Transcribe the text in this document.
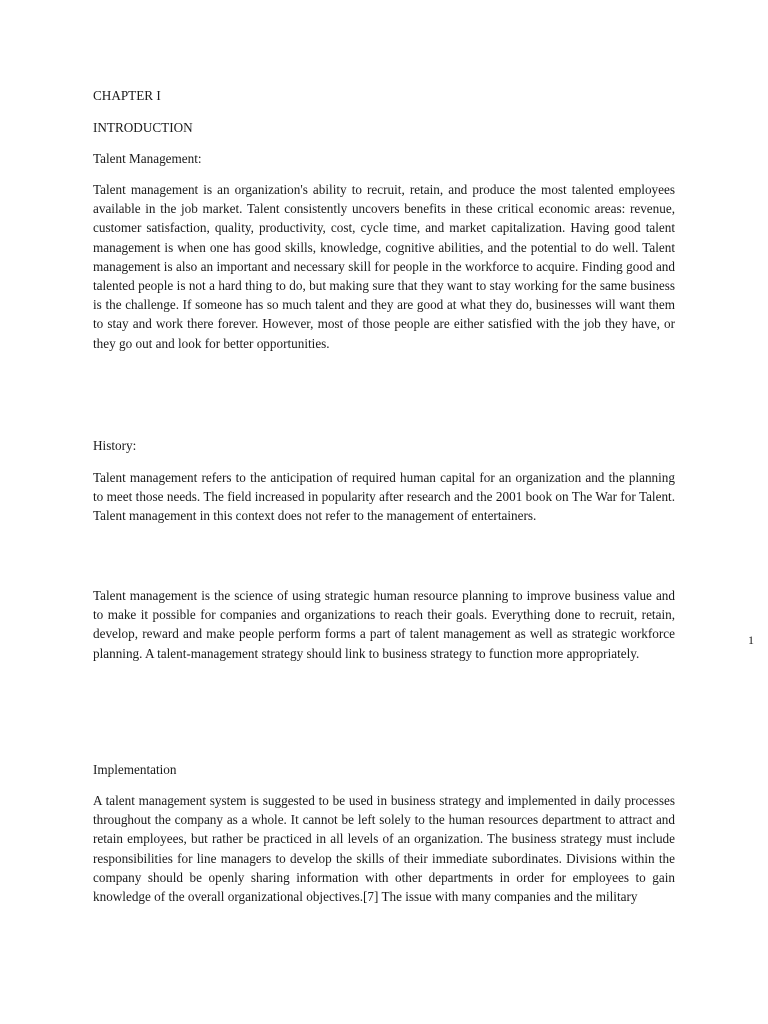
CHAPTER I

INTRODUCTION

Talent Management:

Talent management is an organization's ability to recruit, retain, and produce the most talented employees available in the job market. Talent consistently uncovers benefits in these critical economic areas: revenue, customer satisfaction, quality, productivity, cost, cycle time, and market capitalization. Having good talent management is when one has good skills, knowledge, cognitive abilities, and the potential to do well. Talent management is also an important and necessary skill for people in the workforce to acquire. Finding good and talented people is not a hard thing to do, but making sure that they want to stay working for the same business is the challenge. If someone has so much talent and they are good at what they do, businesses will want them to stay and work there forever. However, most of those people are either satisfied with the job they have, or they go out and look for better opportunities.

History:

Talent management refers to the anticipation of required human capital for an organization and the planning to meet those needs. The field increased in popularity after research and the 2001 book on The War for Talent. Talent management in this context does not refer to the management of entertainers.

Talent management is the science of using strategic human resource planning to improve business value and to make it possible for companies and organizations to reach their goals. Everything done to recruit, retain, develop, reward and make people perform forms a part of talent management as well as strategic workforce planning. A talent-management strategy should link to business strategy to function more appropriately.

Implementation

A talent management system is suggested to be used in business strategy and implemented in daily processes throughout the company as a whole. It cannot be left solely to the human resources department to attract and retain employees, but rather be practiced in all levels of an organization. The business strategy must include responsibilities for line managers to develop the skills of their immediate subordinates. Divisions within the company should be openly sharing information with other departments in order for employees to gain knowledge of the overall organizational objectives.[7] The issue with many companies and the military

1
